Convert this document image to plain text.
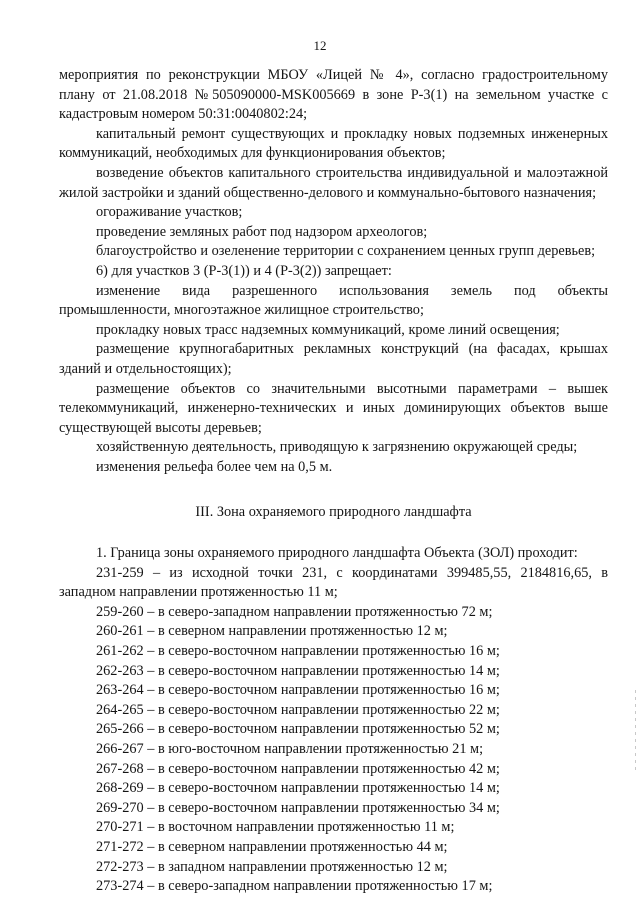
12

мероприятия по реконструкции МБОУ «Лицей № 4», согласно градостроительному плану от 21.08.2018 №505090000-MSK005669 в зоне Р-3(1) на земельном участке с кадастровым номером 50:31:0040802:24;

капитальный ремонт существующих и прокладку новых подземных инженерных коммуникаций, необходимых для функционирования объектов;

возведение объектов капитального строительства индивидуальной и малоэтажной жилой застройки и зданий общественно-делового и коммунально-бытового назначения;

огораживание участков;

проведение земляных работ под надзором археологов;

благоустройство и озеленение территории с сохранением ценных групп деревьев;

6) для участков 3 (Р-3(1)) и 4 (Р-3(2)) запрещает:

изменение вида разрешенного использования земель под объекты промышленности, многоэтажное жилищное строительство;

прокладку новых трасс надземных коммуникаций, кроме линий освещения;

размещение крупногабаритных рекламных конструкций (на фасадах, крышах зданий и отдельностоящих);

размещение объектов со значительными высотными параметрами – вышек телекоммуникаций, инженерно-технических и иных доминирующих объектов выше существующей высоты деревьев;

хозяйственную деятельность, приводящую к загрязнению окружающей среды;

изменения рельефа более чем на 0,5 м.

III. Зона охраняемого природного ландшафта

1. Граница зоны охраняемого природного ландшафта Объекта (ЗОЛ) проходит:

231-259 – из исходной точки 231, с координатами 399485,55, 2184816,65, в западном направлении протяженностью 11 м;

259-260 – в северо-западном направлении протяженностью 72 м;

260-261 – в северном направлении протяженностью 12 м;

261-262 – в северо-восточном направлении протяженностью 16 м;

262-263 – в северо-восточном направлении протяженностью 14 м;

263-264 – в северо-восточном направлении протяженностью 16 м;

264-265 – в северо-восточном направлении протяженностью 22 м;

265-266 – в северо-восточном направлении протяженностью 52 м;

266-267 – в юго-восточном направлении протяженностью 21 м;

267-268 – в северо-восточном направлении протяженностью 42 м;

268-269 – в северо-восточном направлении протяженностью 14 м;

269-270 – в северо-восточном направлении протяженностью 34 м;

270-271 – в восточном направлении протяженностью 11 м;

271-272 – в северном направлении протяженностью 44 м;

272-273 – в западном направлении протяженностью 12 м;

273-274 – в северо-западном направлении протяженностью 17 м;
